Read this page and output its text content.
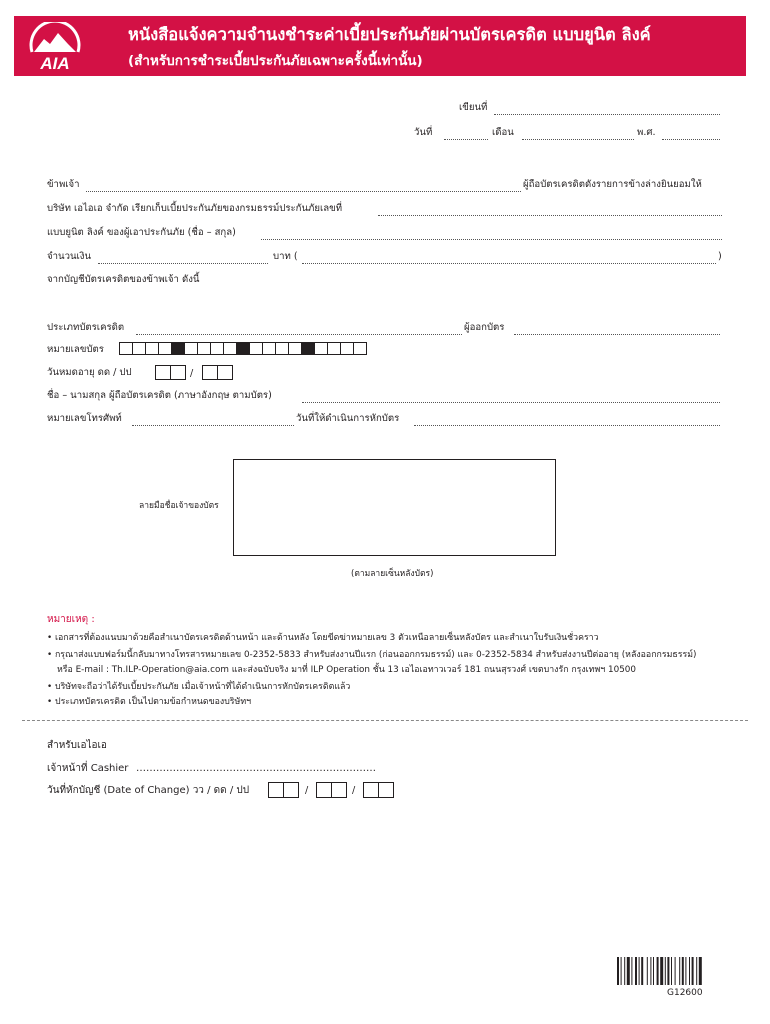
AIA
หนังสือแจ้งความจำนงชำระค่าเบี้ยประกันภัยผ่านบัตรเครดิต แบบยูนิต ลิงค์
(สำหรับการชำระเบี้ยประกันภัยเฉพาะครั้งนี้เท่านั้น)
เขียนที่
วันที่	เดือน	พ.ศ.
ข้าพเจ้า	ผู้ถือบัตรเครดิตดังรายการข้างล่างยินยอมให้
บริษัท เอไอเอ จำกัด เรียกเก็บเบี้ยประกันภัยของกรมธรรม์ประกันภัยเลขที่
แบบยูนิต ลิงค์ ของผู้เอาประกันภัย (ชื่อ – สกุล)
จำนวนเงิน	บาท (	)
จากบัญชีบัตรเครดิตของข้าพเจ้า ดังนี้
ประเภทบัตรเครดิต	ผู้ออกบัตร
หมายเลขบัตร
วันหมดอายุ ดด / ปป	/
ชื่อ – นามสกุล ผู้ถือบัตรเครดิต (ภาษาอังกฤษ ตามบัตร)
หมายเลขโทรศัพท์	วันที่ให้ดำเนินการหักบัตร
ลายมือชื่อเจ้าของบัตร
(ตามลายเซ็นหลังบัตร)
หมายเหตุ :
• เอกสารที่ต้องแนบมาด้วยคือสำเนาบัตรเครดิตด้านหน้า และด้านหลัง โดยขีดฆ่าหมายเลข 3 ตัวเหนือลายเซ็นหลังบัตร และสำเนาใบรับเงินชั่วคราว
• กรุณาส่งแบบฟอร์มนี้กลับมาทางโทรสารหมายเลข 0-2352-5833 สำหรับส่งงานปีแรก (ก่อนออกกรมธรรม์) และ 0-2352-5834 สำหรับส่งงานปีต่ออายุ (หลังออกกรมธรรม์)
หรือ E-mail : Th.ILP-Operation@aia.com และส่งฉบับจริง มาที่ ILP Operation ชั้น 13 เอไอเอทาวเวอร์ 181 ถนนสุรวงศ์ เขตบางรัก กรุงเทพฯ 10500
• บริษัทจะถือว่าได้รับเบี้ยประกันภัย เมื่อเจ้าหน้าที่ได้ดำเนินการหักบัตรเครดิตแล้ว
• ประเภทบัตรเครดิต เป็นไปตามข้อกำหนดของบริษัทฯ
สำหรับเอไอเอ
เจ้าหน้าที่ Cashier ………………………………………………………………
วันที่หักบัญชี (Date of Change) วว / ดด / ปป	/	/
G12600
